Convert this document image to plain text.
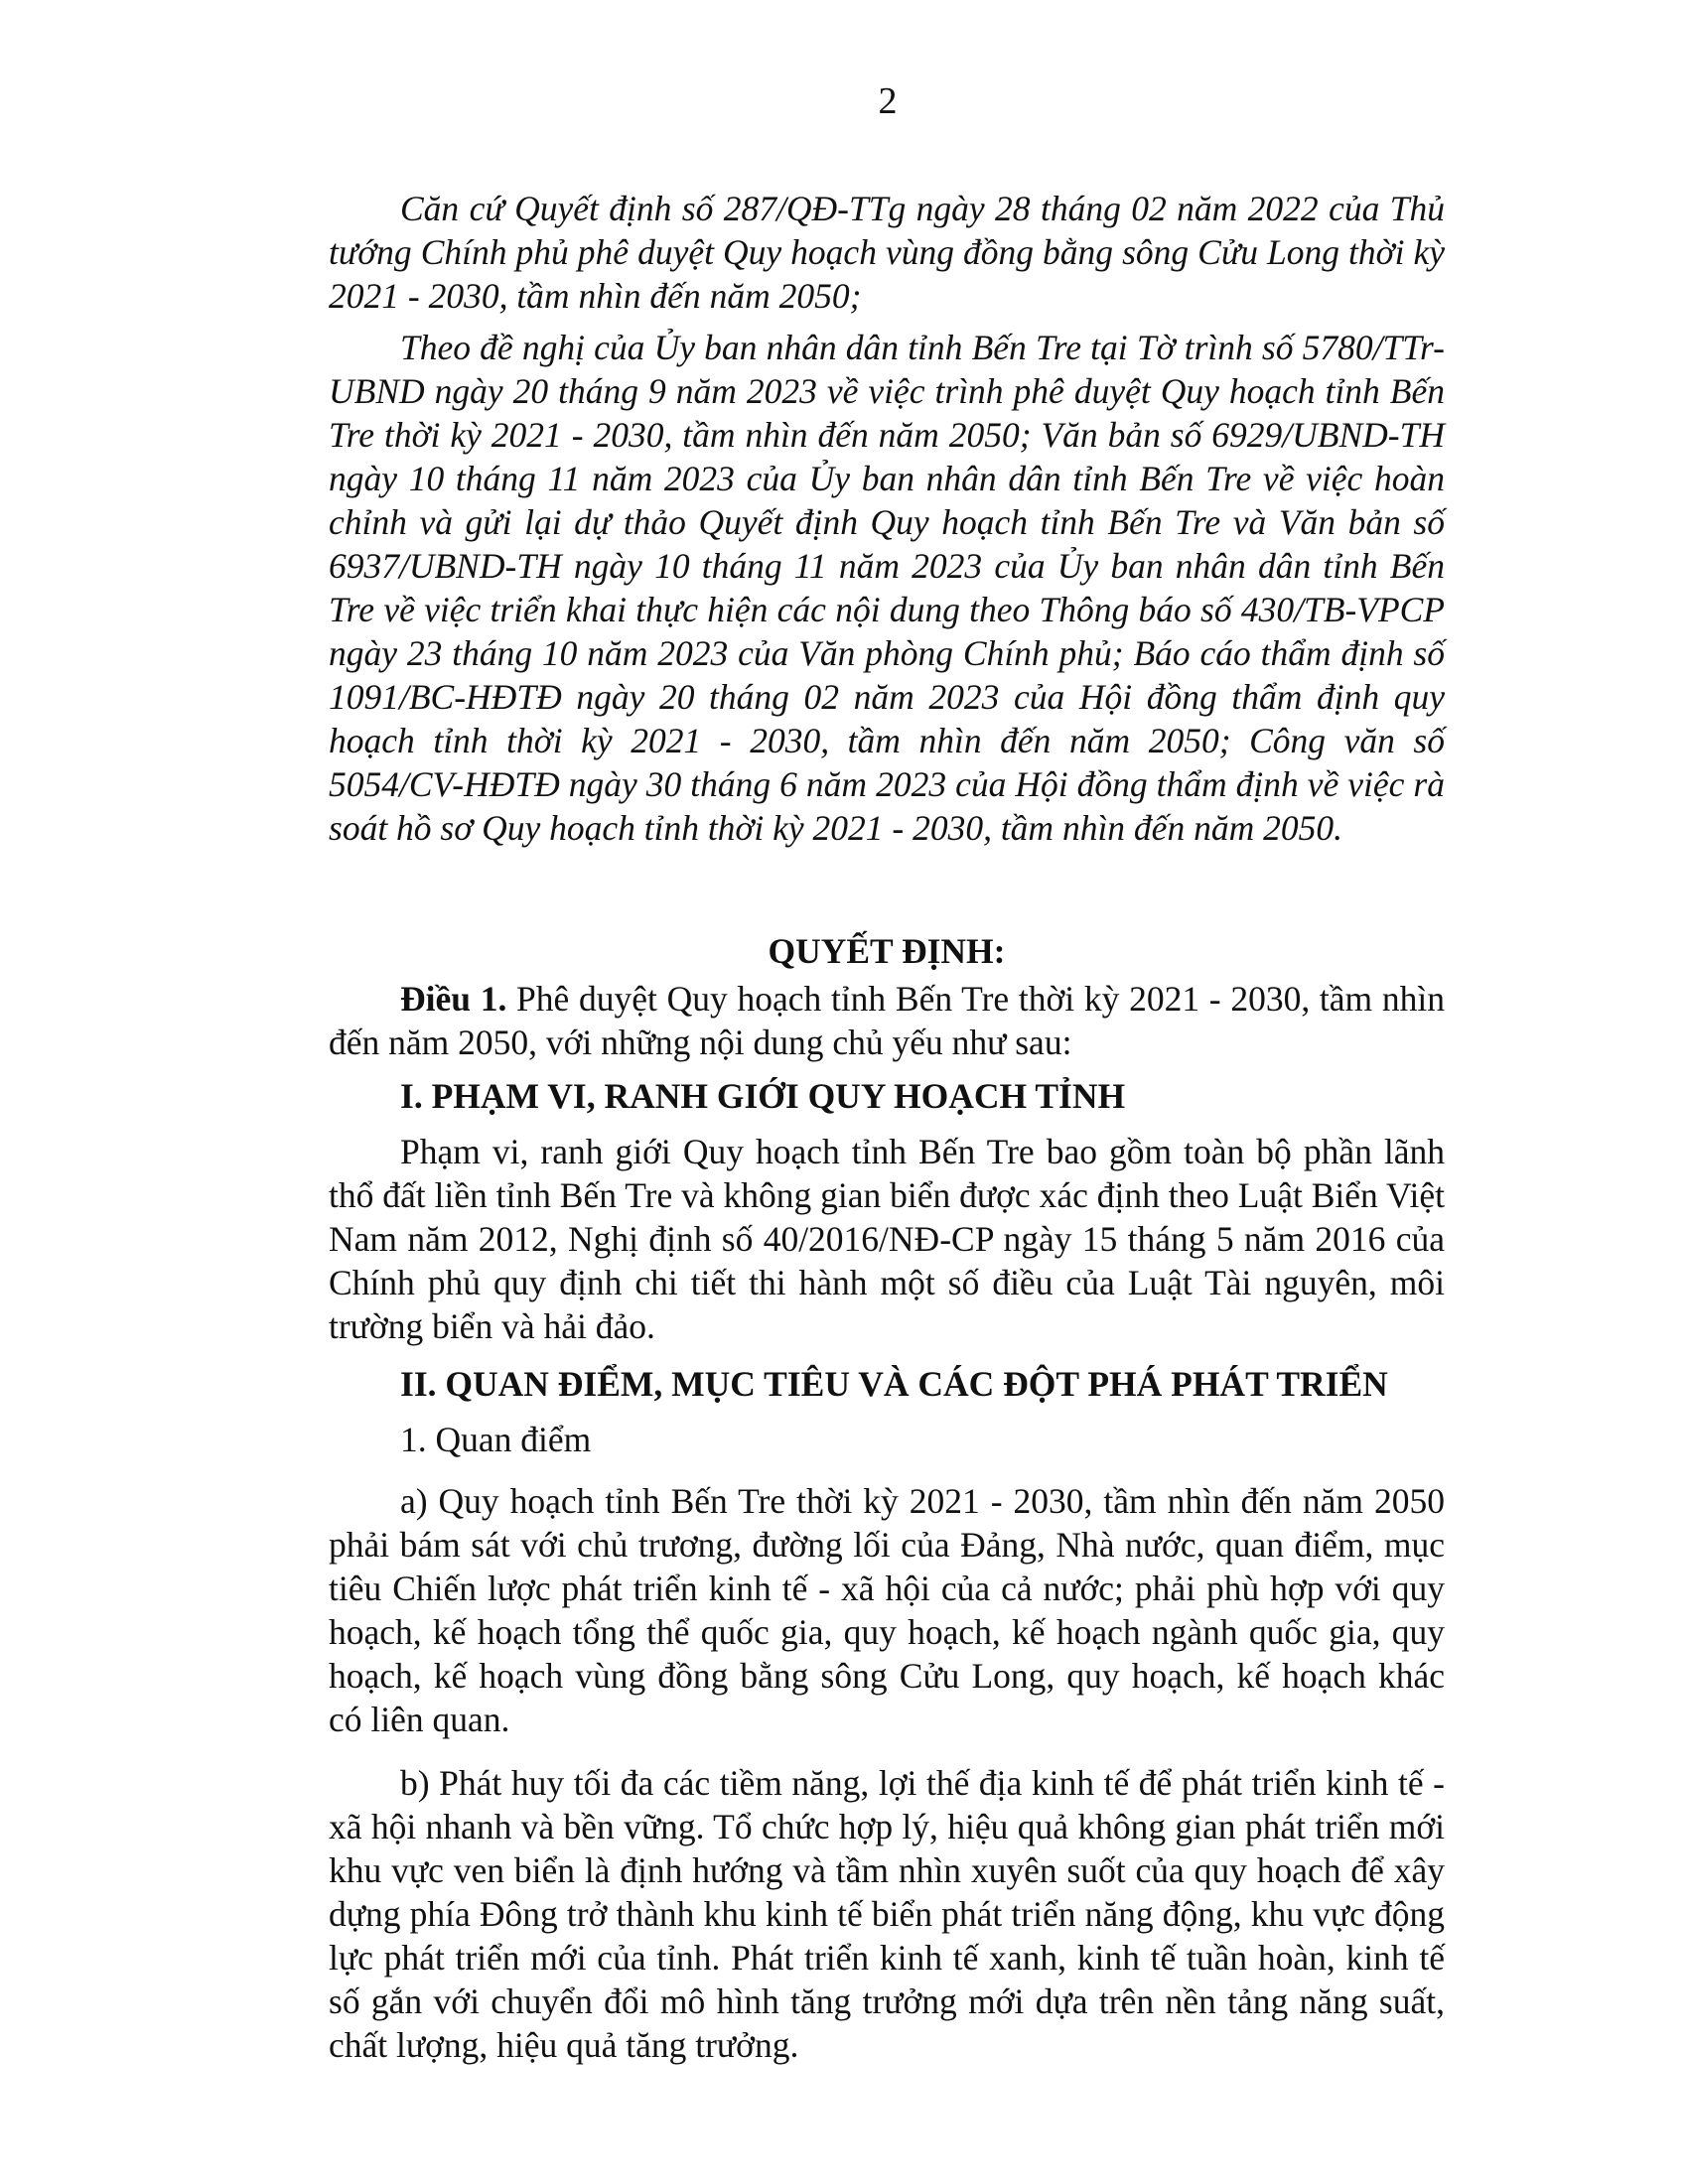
2

Căn cứ Quyết định số 287/QĐ-TTg ngày 28 tháng 02 năm 2022 của Thủ tướng Chính phủ phê duyệt Quy hoạch vùng đồng bằng sông Cửu Long thời kỳ 2021 - 2030, tầm nhìn đến năm 2050;

Theo đề nghị của Ủy ban nhân dân tỉnh Bến Tre tại Tờ trình số 5780/TTr-UBND ngày 20 tháng 9 năm 2023 về việc trình phê duyệt Quy hoạch tỉnh Bến Tre thời kỳ 2021 - 2030, tầm nhìn đến năm 2050; Văn bản số 6929/UBND-TH ngày 10 tháng 11 năm 2023 của Ủy ban nhân dân tỉnh Bến Tre về việc hoàn chỉnh và gửi lại dự thảo Quyết định Quy hoạch tỉnh Bến Tre và Văn bản số 6937/UBND-TH ngày 10 tháng 11 năm 2023 của Ủy ban nhân dân tỉnh Bến Tre về việc triển khai thực hiện các nội dung theo Thông báo số 430/TB-VPCP ngày 23 tháng 10 năm 2023 của Văn phòng Chính phủ; Báo cáo thẩm định số 1091/BC-HĐTĐ ngày 20 tháng 02 năm 2023 của Hội đồng thẩm định quy hoạch tỉnh thời kỳ 2021 - 2030, tầm nhìn đến năm 2050; Công văn số 5054/CV-HĐTĐ ngày 30 tháng 6 năm 2023 của Hội đồng thẩm định về việc rà soát hồ sơ Quy hoạch tỉnh thời kỳ 2021 - 2030, tầm nhìn đến năm 2050.

QUYẾT ĐỊNH:

Điều 1. Phê duyệt Quy hoạch tỉnh Bến Tre thời kỳ 2021 - 2030, tầm nhìn đến năm 2050, với những nội dung chủ yếu như sau:

I. PHẠM VI, RANH GIỚI QUY HOẠCH TỈNH

Phạm vi, ranh giới Quy hoạch tỉnh Bến Tre bao gồm toàn bộ phần lãnh thổ đất liền tỉnh Bến Tre và không gian biển được xác định theo Luật Biển Việt Nam năm 2012, Nghị định số 40/2016/NĐ-CP ngày 15 tháng 5 năm 2016 của Chính phủ quy định chi tiết thi hành một số điều của Luật Tài nguyên, môi trường biển và hải đảo.

II. QUAN ĐIỂM, MỤC TIÊU VÀ CÁC ĐỘT PHÁ PHÁT TRIỂN

1. Quan điểm

a) Quy hoạch tỉnh Bến Tre thời kỳ 2021 - 2030, tầm nhìn đến năm 2050 phải bám sát với chủ trương, đường lối của Đảng, Nhà nước, quan điểm, mục tiêu Chiến lược phát triển kinh tế - xã hội của cả nước; phải phù hợp với quy hoạch, kế hoạch tổng thể quốc gia, quy hoạch, kế hoạch ngành quốc gia, quy hoạch, kế hoạch vùng đồng bằng sông Cửu Long, quy hoạch, kế hoạch khác có liên quan.

b) Phát huy tối đa các tiềm năng, lợi thế địa kinh tế để phát triển kinh tế - xã hội nhanh và bền vững. Tổ chức hợp lý, hiệu quả không gian phát triển mới khu vực ven biển là định hướng và tầm nhìn xuyên suốt của quy hoạch để xây dựng phía Đông trở thành khu kinh tế biển phát triển năng động, khu vực động lực phát triển mới của tỉnh. Phát triển kinh tế xanh, kinh tế tuần hoàn, kinh tế số gắn với chuyển đổi mô hình tăng trưởng mới dựa trên nền tảng năng suất, chất lượng, hiệu quả tăng trưởng.
